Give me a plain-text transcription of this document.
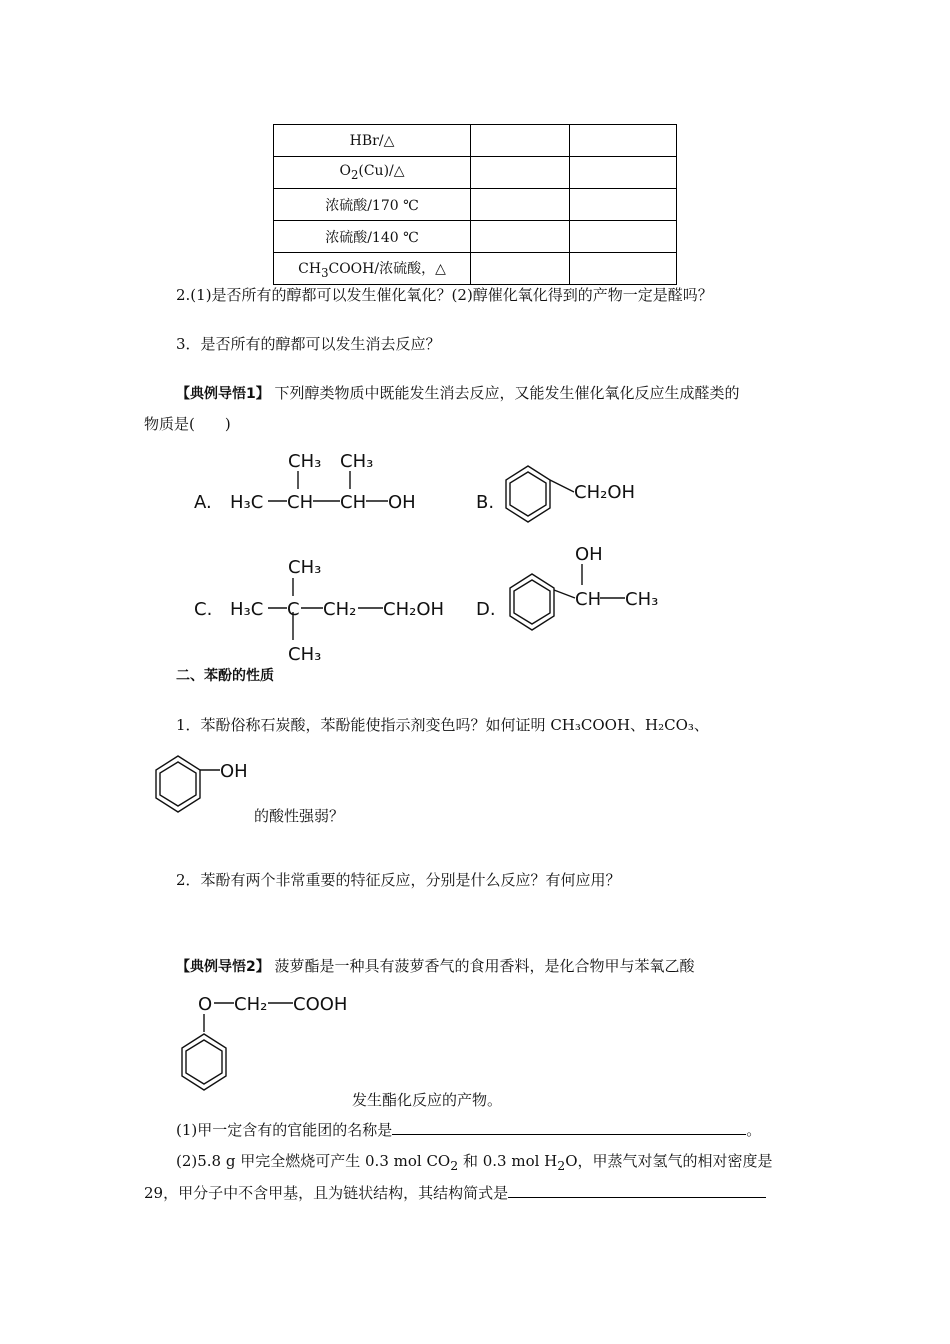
HBr/△		
$O_2(Cu)/\triangle$		
浓硫酸/170 ℃		
浓硫酸/140 ℃		
$CH_3COOH/$浓硫酸，△		
2.(1)是否所有的醇都可以发生催化氧化？(2)醇催化氧化得到的产物一定是醛吗？
3．是否所有的醇都可以发生消去反应？
【典例导悟1】 下列醇类物质中既能发生消去反应，又能发生催化氧化反应生成醛类的
物质是(　　)
A. H₃C CH CH OH
CH₃ CH₃
B.	CH₂OH
C. H₃C C CH₂ CH₂OH
CH₃
CH₃
D.
OH
CH CH₃
二、苯酚的性质
1．苯酚俗称石炭酸，苯酚能使指示剂变色吗？如何证明 CH₃COOH、H₂CO₃、
OH
的酸性强弱？
2．苯酚有两个非常重要的特征反应，分别是什么反应？有何应用？
【典例导悟2】 菠萝酯是一种具有菠萝香气的食用香料，是化合物甲与苯氧乙酸
O CH₂ COOH
发生酯化反应的产物。
(1)甲一定含有的官能团的名称是	。
(2)5.8 g 甲完全燃烧可产生 0.3 mol $CO_2$ 和 0.3 mol $H_2O$，甲蒸气对氢气的相对密度是
29，甲分子中不含甲基，且为链状结构，其结构简式是
